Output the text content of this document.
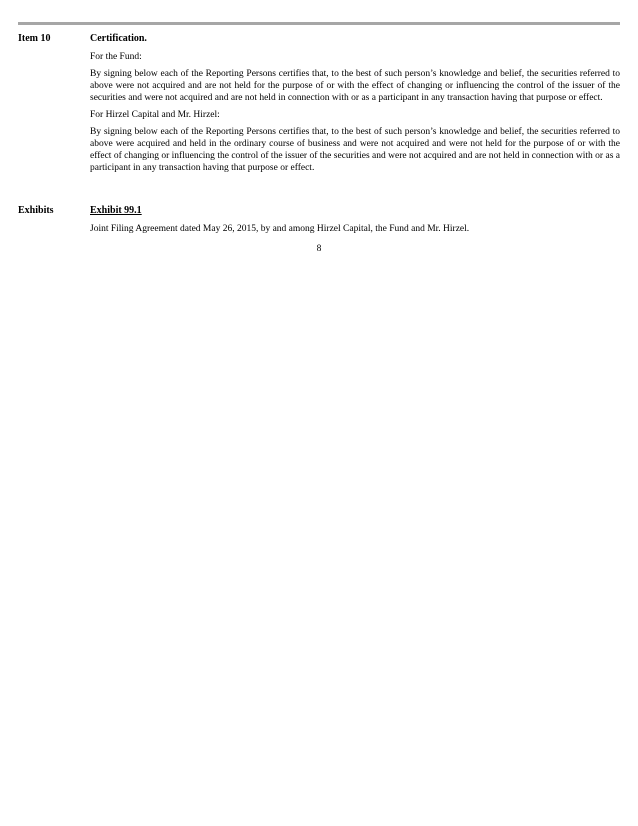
Item 10	Certification.

For the Fund:

By signing below each of the Reporting Persons certifies that, to the best of such person’s knowledge and belief, the securities referred to above were not acquired and are not held for the purpose of or with the effect of changing or influencing the control of the issuer of the securities and were not acquired and are not held in connection with or as a participant in any transaction having that purpose or effect.

For Hirzel Capital and Mr. Hirzel:

By signing below each of the Reporting Persons certifies that, to the best of such person’s knowledge and belief, the securities referred to above were acquired and held in the ordinary course of business and were not acquired and were not held for the purpose of or with the effect of changing or influencing the control of the issuer of the securities and were not acquired and are not held in connection with or as a participant in any transaction having that purpose or effect.

Exhibits	Exhibit 99.1

Joint Filing Agreement dated May 26, 2015, by and among Hirzel Capital, the Fund and Mr. Hirzel.

8
